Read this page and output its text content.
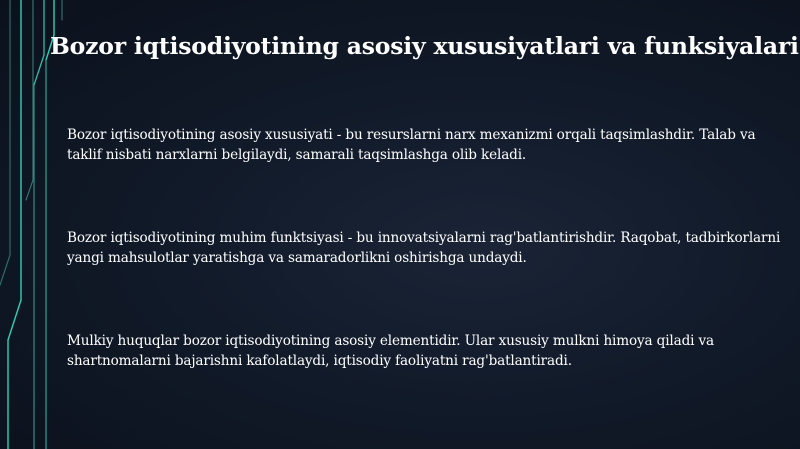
Bozor iqtisodiyotining asosiy xususiyatlari va funksiyalari

Bozor iqtisodiyotining asosiy xususiyati - bu resurslarni narx mexanizmi orqali taqsimlashdir. Talab va taklif nisbati narxlarni belgilaydi, samarali taqsimlashga olib keladi.

Bozor iqtisodiyotining muhim funktsiyasi - bu innovatsiyalarni rag'batlantirishdir. Raqobat, tadbirkorlarni yangi mahsulotlar yaratishga va samaradorlikni oshirishga undaydi.

Mulkiy huquqlar bozor iqtisodiyotining asosiy elementidir. Ular xususiy mulkni himoya qiladi va shartnomalarni bajarishni kafolatlaydi, iqtisodiy faoliyatni rag'batlantiradi.
